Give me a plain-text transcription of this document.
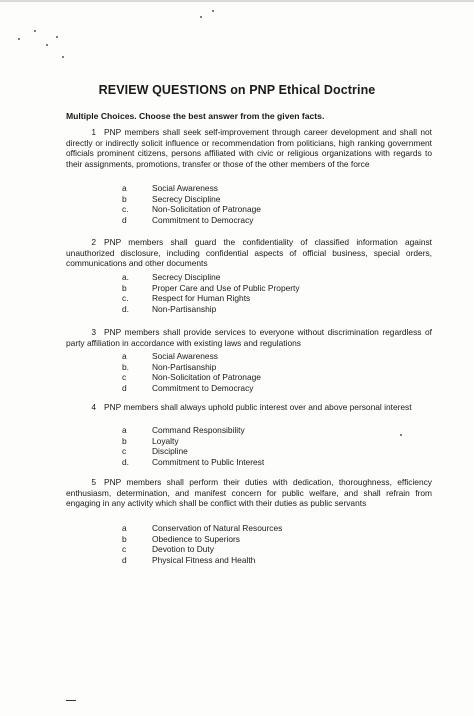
REVIEW QUESTIONS on PNP Ethical Doctrine
Multiple Choices. Choose the best answer from the given facts.
1 PNP members shall seek self-improvement through career development and shall not directly or indirectly solicit influence or recommendation from politicians, high ranking government officials prominent citizens, persons affiliated with civic or religious organizations with regards to their assignments, promotions, transfer or those of the other members of the force
a	Social Awareness
b	Secrecy Discipline
c.	Non-Solicitation of Patronage
d	Commitment to Democracy
2 PNP members shall guard the confidentiality of classified information against unauthorized disclosure, including confidential aspects of official business, special orders, communications and other documents
a.	Secrecy Discipline
b	Proper Care and Use of Public Property
c.	Respect for Human Rights
d.	Non-Partisanship
3 PNP members shall provide services to everyone without discrimination regardless of party affiliation in accordance with existing laws and regulations
a	Social Awareness
b.	Non-Partisanship
c	Non-Solicitation of Patronage
d	Commitment to Democracy
4 PNP members shall always uphold public interest over and above personal interest
a	Command Responsibility
b	Loyalty
c	Discipline
d.	Commitment to Public Interest
5 PNP members shall perform their duties with dedication, thoroughness, efficiency enthusiasm, determination, and manifest concern for public welfare, and shall refrain from engaging in any activity which shall be conflict with their duties as public servants
a	Conservation of Natural Resources
b	Obedience to Superiors
c	Devotion to Duty
d	Physical Fitness and Health
